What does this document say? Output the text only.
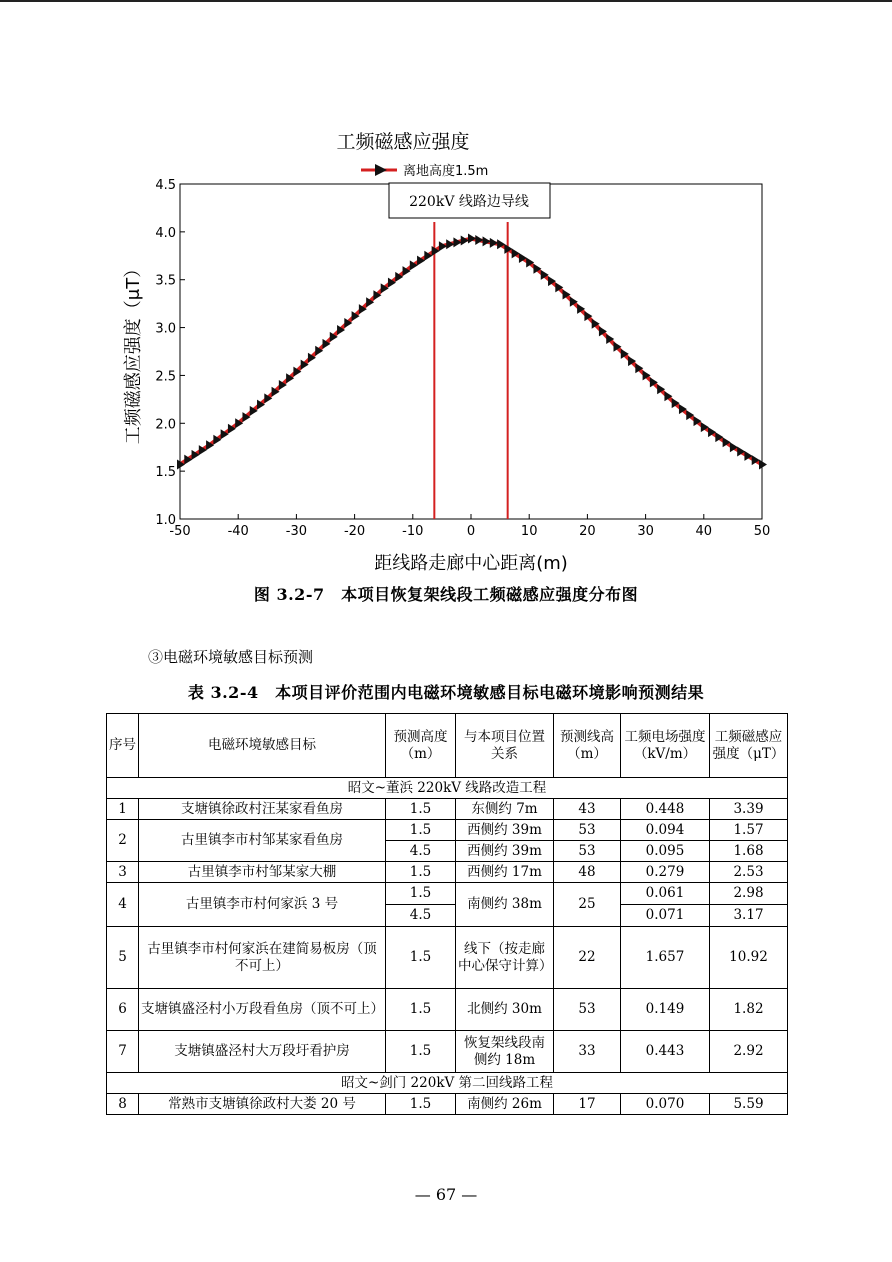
工频磁感应强度
离地高度1.5m
-50	-40	-30	-20	-10	0	10	20	30	40	50
1.0
1.5
2.0
2.5
3.0
3.5
4.0
4.5
220kV 线路边导线
距线路走廊中心距离(m)
工频磁感应强度（μT）
图 3.2-7　本项目恢复架线段工频磁感应强度分布图
③电磁环境敏感目标预测
表 3.2-4　本项目评价范围内电磁环境敏感目标电磁环境影响预测结果
序号	电磁环境敏感目标	预测高度（m）	与本项目位置关系	预测线高（m）	工频电场强度（kV/m）	工频磁感应强度（μT）
昭文~董浜 220kV 线路改造工程						
1	支塘镇徐政村汪某家看鱼房	1.5	东侧约 7m	43	0.448	3.39
2	古里镇李市村邹某家看鱼房	1.5	西侧约 39m	53	0.094	1.57
		4.5	西侧约 39m	53	0.095	1.68
3	古里镇李市村邹某家大棚	1.5	西侧约 17m	48	0.279	2.53
4	古里镇李市村何家浜 3 号	1.5	南侧约 38m	25	0.061	2.98
		4.5			0.071	3.17
5	古里镇李市村何家浜在建简易板房（顶不可上）	1.5	线下（按走廊中心保守计算）	22	1.657	10.92
6	支塘镇盛泾村小万段看鱼房（顶不可上）	1.5	北侧约 30m	53	0.149	1.82
7	支塘镇盛泾村大万段圩看护房	1.5	恢复架线段南侧约 18m	33	0.443	2.92
昭文~剑门 220kV 第二回线路工程						
8	常熟市支塘镇徐政村大娄 20 号	1.5	南侧约 26m	17	0.070	5.59
— 67 —
